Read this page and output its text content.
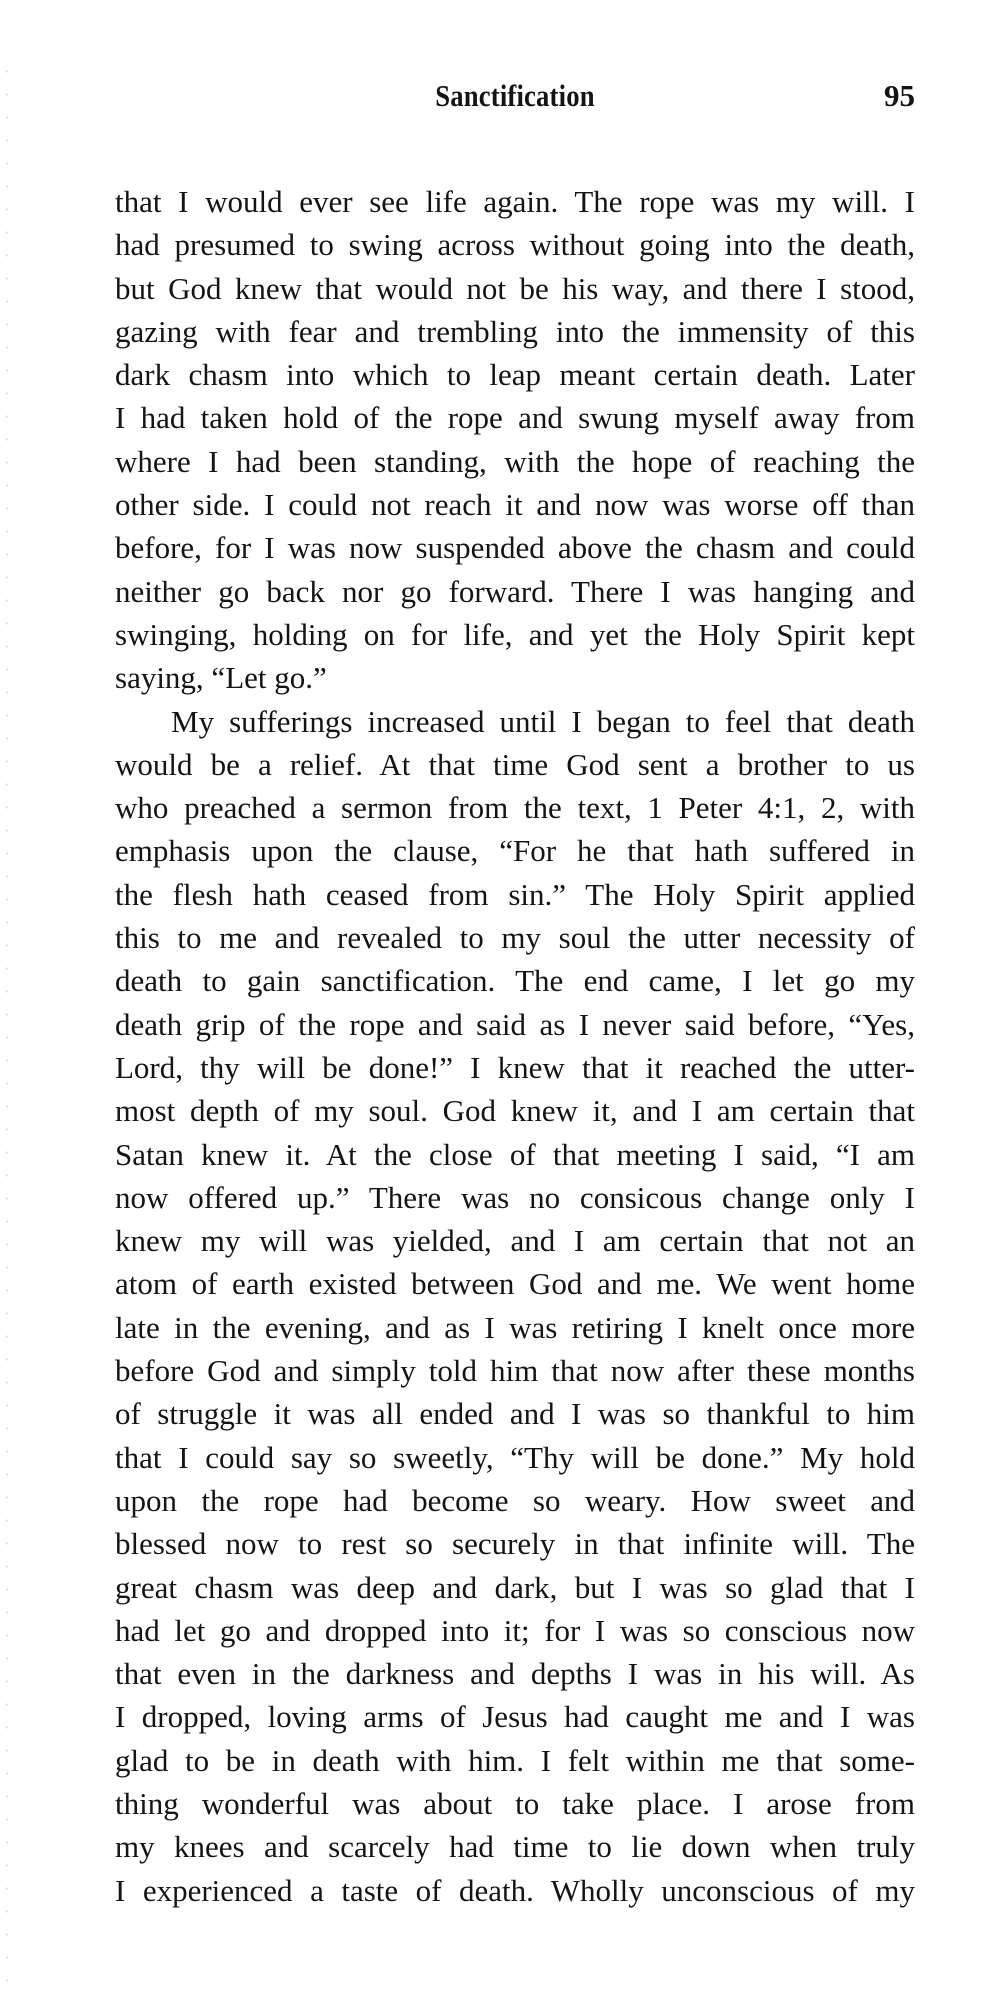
Sanctification	95
that I would ever see life again. The rope was my will. I
had presumed to swing across without going into the death,
but God knew that would not be his way, and there I stood,
gazing with fear and trembling into the immensity of this
dark chasm into which to leap meant certain death. Later
I had taken hold of the rope and swung myself away from
where I had been standing, with the hope of reaching the
other side. I could not reach it and now was worse off than
before, for I was now suspended above the chasm and could
neither go back nor go forward. There I was hanging and
swinging, holding on for life, and yet the Holy Spirit kept
saying, “Let go.”
My sufferings increased until I began to feel that death
would be a relief. At that time God sent a brother to us
who preached a sermon from the text, 1 Peter 4:1, 2, with
emphasis upon the clause, “For he that hath suffered in
the flesh hath ceased from sin.” The Holy Spirit applied
this to me and revealed to my soul the utter necessity of
death to gain sanctification. The end came, I let go my
death grip of the rope and said as I never said before, “Yes,
Lord, thy will be done!” I knew that it reached the utter-
most depth of my soul. God knew it, and I am certain that
Satan knew it. At the close of that meeting I said, “I am
now offered up.” There was no consicous change only I
knew my will was yielded, and I am certain that not an
atom of earth existed between God and me. We went home
late in the evening, and as I was retiring I knelt once more
before God and simply told him that now after these months
of struggle it was all ended and I was so thankful to him
that I could say so sweetly, “Thy will be done.” My hold
upon the rope had become so weary. How sweet and
blessed now to rest so securely in that infinite will. The
great chasm was deep and dark, but I was so glad that I
had let go and dropped into it; for I was so conscious now
that even in the darkness and depths I was in his will. As
I dropped, loving arms of Jesus had caught me and I was
glad to be in death with him. I felt within me that some-
thing wonderful was about to take place. I arose from
my knees and scarcely had time to lie down when truly
I experienced a taste of death. Wholly unconscious of my
